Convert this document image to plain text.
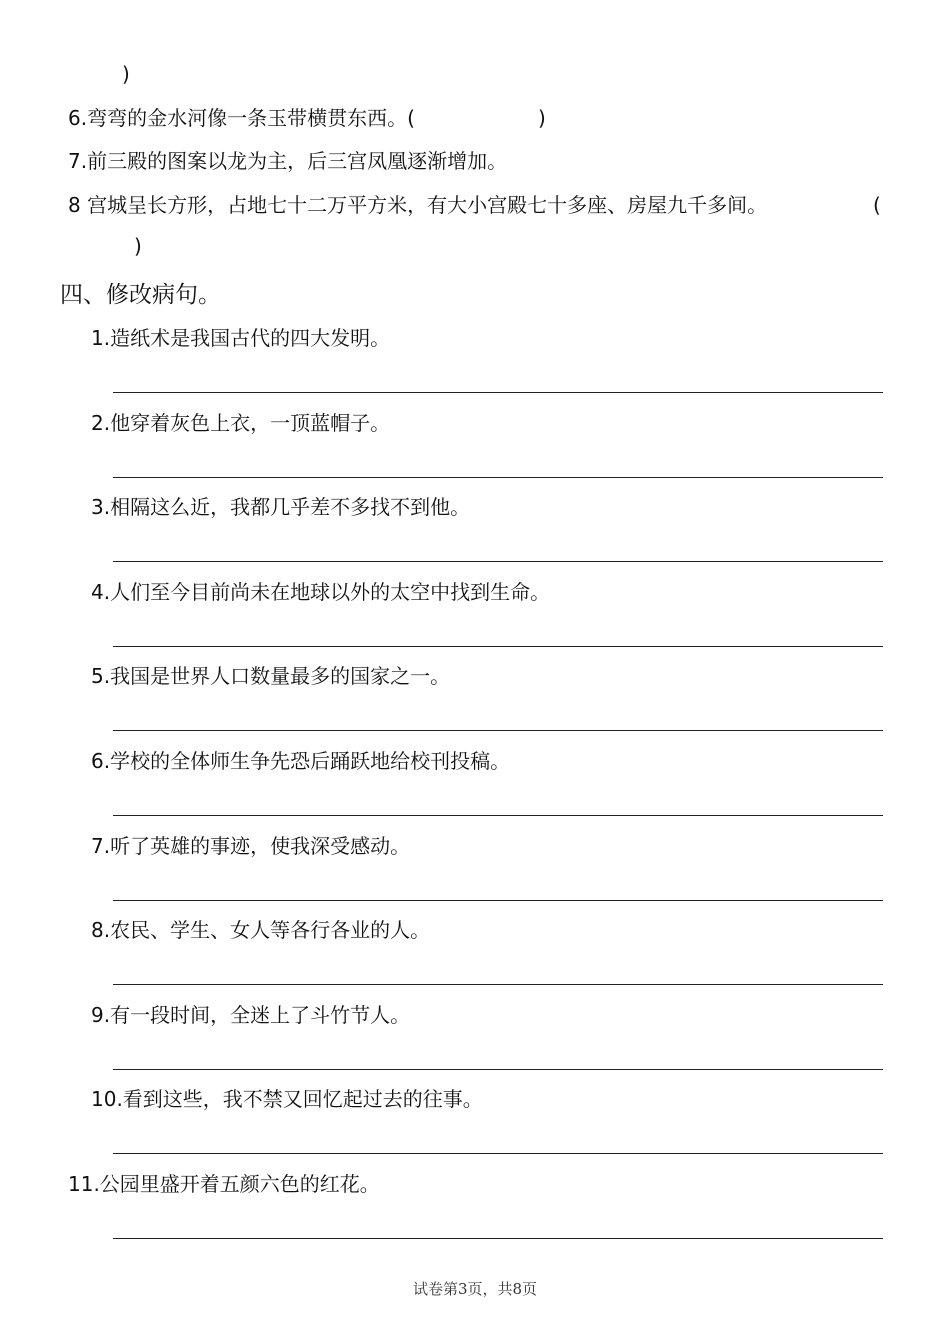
)
6.弯弯的金水河像一条玉带横贯东西。(	)
7.前三殿的图案以龙为主，后三宫凤凰逐渐增加。
8 宫城呈长方形，占地七十二万平方米，有大小宫殿七十多座、房屋九千多间。	(
)
四、修改病句。
1.造纸术是我国古代的四大发明。
2.他穿着灰色上衣，一顶蓝帽子。
3.相隔这么近，我都几乎差不多找不到他。
4.人们至今目前尚未在地球以外的太空中找到生命。
5.我国是世界人口数量最多的国家之一。
6.学校的全体师生争先恐后踊跃地给校刊投稿。
7.听了英雄的事迹，使我深受感动。
8.农民、学生、女人等各行各业的人。
9.有一段时间，全迷上了斗竹节人。
10.看到这些，我不禁又回忆起过去的往事。
11.公园里盛开着五颜六色的红花。
试卷第3页，共8页
